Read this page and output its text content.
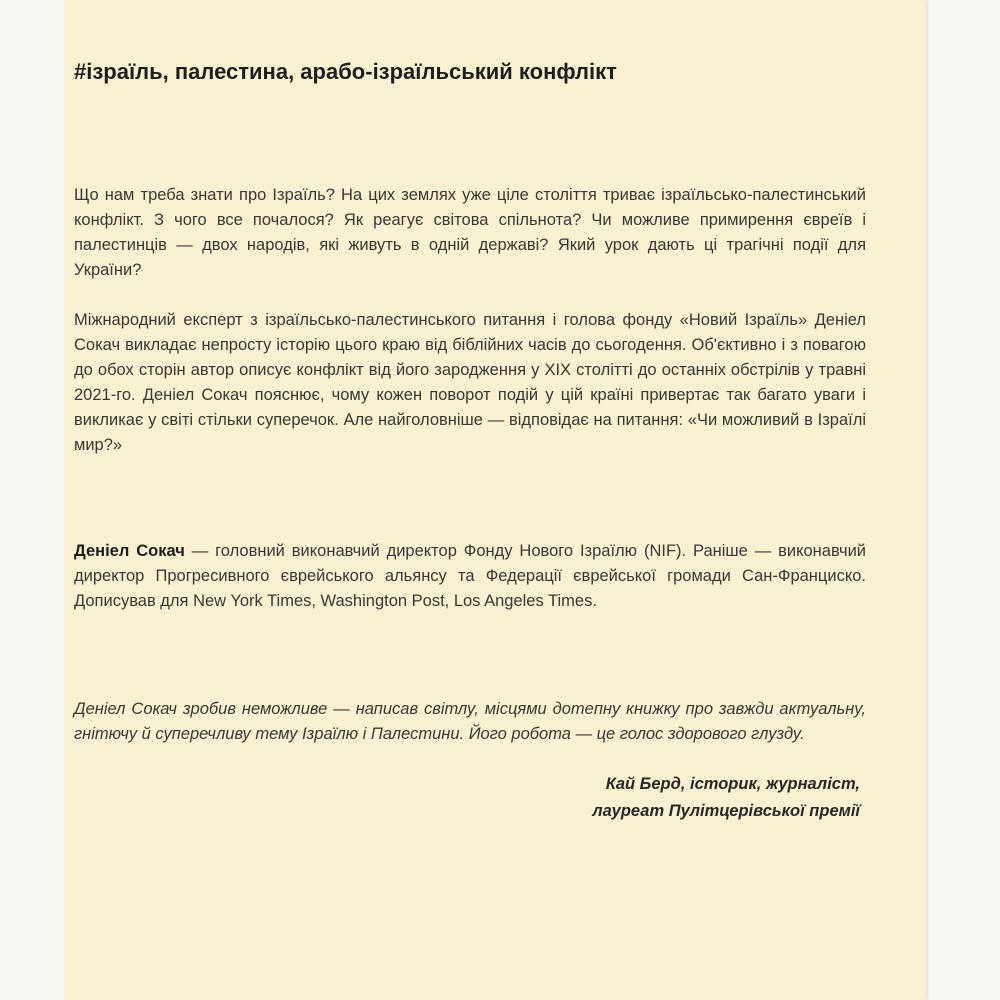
#ізраїль, палестина, арабо-ізраїльський конфлікт

Що нам треба знати про Ізраїль? На цих землях уже ціле століття триває ізраїльсько-палестинський конфлікт. З чого все почалося? Як реагує світова спільнота? Чи можливе примирення євреїв і палестинців — двох народів, які живуть в одній державі? Який урок дають ці трагічні події для України?

Міжнародний експерт з ізраїльсько-палестинського питання і голова фонду «Новий Ізраїль» Деніел Сокач викладає непросту історію цього краю від біблійних часів до сьогодення. Об'єктивно і з повагою до обох сторін автор описує конфлікт від його зародження у XIX столітті до останніх обстрілів у травні 2021-го. Деніел Сокач пояснює, чому кожен поворот подій у цій країні привертає так багато уваги і викликає у світі стільки суперечок. Але найголовніше — відповідає на питання: «Чи можливий в Ізраїлі мир?»

Деніел Сокач — головний виконавчий директор Фонду Нового Ізраїлю (NIF). Раніше — виконавчий директор Прогресивного єврейського альянсу та Федерації єврейської громади Сан-Франциско. Дописував для New York Times, Washington Post, Los Angeles Times.

Деніел Сокач зробив неможливе — написав світлу, місцями дотепну книжку про завжди актуальну, гнітючу й суперечливу тему Ізраїлю і Палестини. Його робота — це голос здорового глузду.

Кай Берд, історик, журналіст,
лауреат Пулітцерівської премії
